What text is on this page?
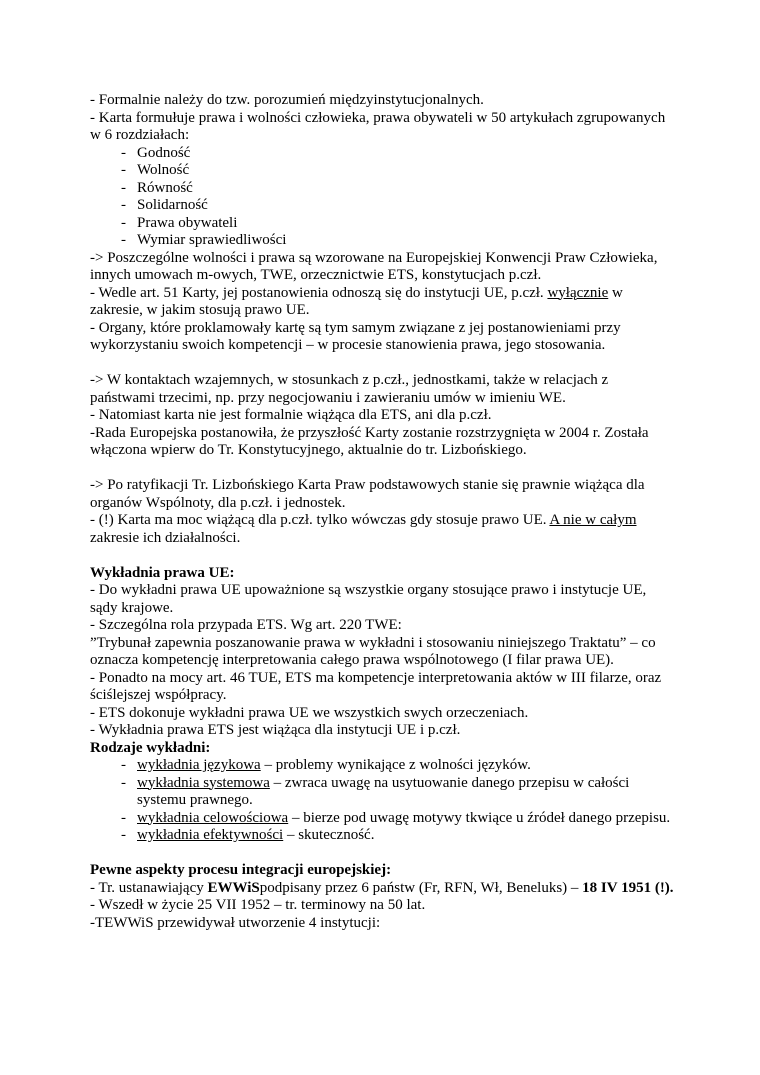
- Formalnie należy do tzw. porozumień międzyinstytucjonalnych.
- Karta formułuje prawa i wolności człowieka, prawa obywateli w 50 artykułach zgrupowanych w 6 rozdziałach:
- Godność
- Wolność
- Równość
- Solidarność
- Prawa obywateli
- Wymiar sprawiedliwości
-> Poszczególne wolności i prawa są wzorowane na Europejskiej Konwencji Praw Człowieka, innych umowach m-owych, TWE, orzecznictwie ETS, konstytucjach p.czł.
- Wedle art. 51 Karty, jej postanowienia odnoszą się do instytucji UE, p.czł. wyłącznie w zakresie, w jakim stosują prawo UE.
- Organy, które proklamowały kartę są tym samym związane z jej postanowieniami przy wykorzystaniu swoich kompetencji – w procesie stanowienia prawa, jego stosowania.
-> W kontaktach wzajemnych, w stosunkach z p.czł., jednostkami, także w relacjach z państwami trzecimi, np. przy negocjowaniu i zawieraniu umów w imieniu WE.
- Natomiast karta nie jest formalnie wiążąca dla ETS, ani dla p.czł.
-Rada Europejska postanowiła, że przyszłość Karty zostanie rozstrzygnięta w 2004 r. Została włączona wpierw do Tr. Konstytucyjnego, aktualnie do tr. Lizbońskiego.
-> Po ratyfikacji Tr. Lizbońskiego Karta Praw podstawowych stanie się prawnie wiążąca dla organów Wspólnoty, dla p.czł. i jednostek.
- (!) Karta ma moc wiążącą dla p.czł. tylko wówczas gdy stosuje prawo UE. A nie w całym zakresie ich działalności.
Wykładnia prawa UE:
- Do wykładni prawa UE upoważnione są wszystkie organy stosujące prawo i instytucje UE, sądy krajowe.
- Szczególna rola przypada ETS. Wg art. 220 TWE:
”Trybunał zapewnia poszanowanie prawa w wykładni i stosowaniu niniejszego Traktatu” – co oznacza kompetencję interpretowania całego prawa wspólnotowego (I filar prawa UE).
- Ponadto na mocy art. 46 TUE, ETS ma kompetencje interpretowania aktów w III filarze, oraz ściślejszej współpracy.
- ETS dokonuje wykładni prawa UE we wszystkich swych orzeczeniach.
- Wykładnia prawa ETS jest wiążąca dla instytucji UE i p.czł.
Rodzaje wykładni:
- wykładnia językowa – problemy wynikające z wolności języków.
- wykładnia systemowa – zwraca uwagę na usytuowanie danego przepisu w całości systemu prawnego.
- wykładnia celowościowa – bierze pod uwagę motywy tkwiące u źródeł danego przepisu.
- wykładnia efektywności – skuteczność.
Pewne aspekty procesu integracji europejskiej:
- Tr. ustanawiający EWWiSpodpisany przez 6 państw (Fr, RFN, Wł, Beneluks) – 18 IV 1951 (!).
- Wszedł w życie 25 VII 1952 – tr. terminowy na 50 lat.
-TEWWiS przewidywał utworzenie 4 instytucji:
